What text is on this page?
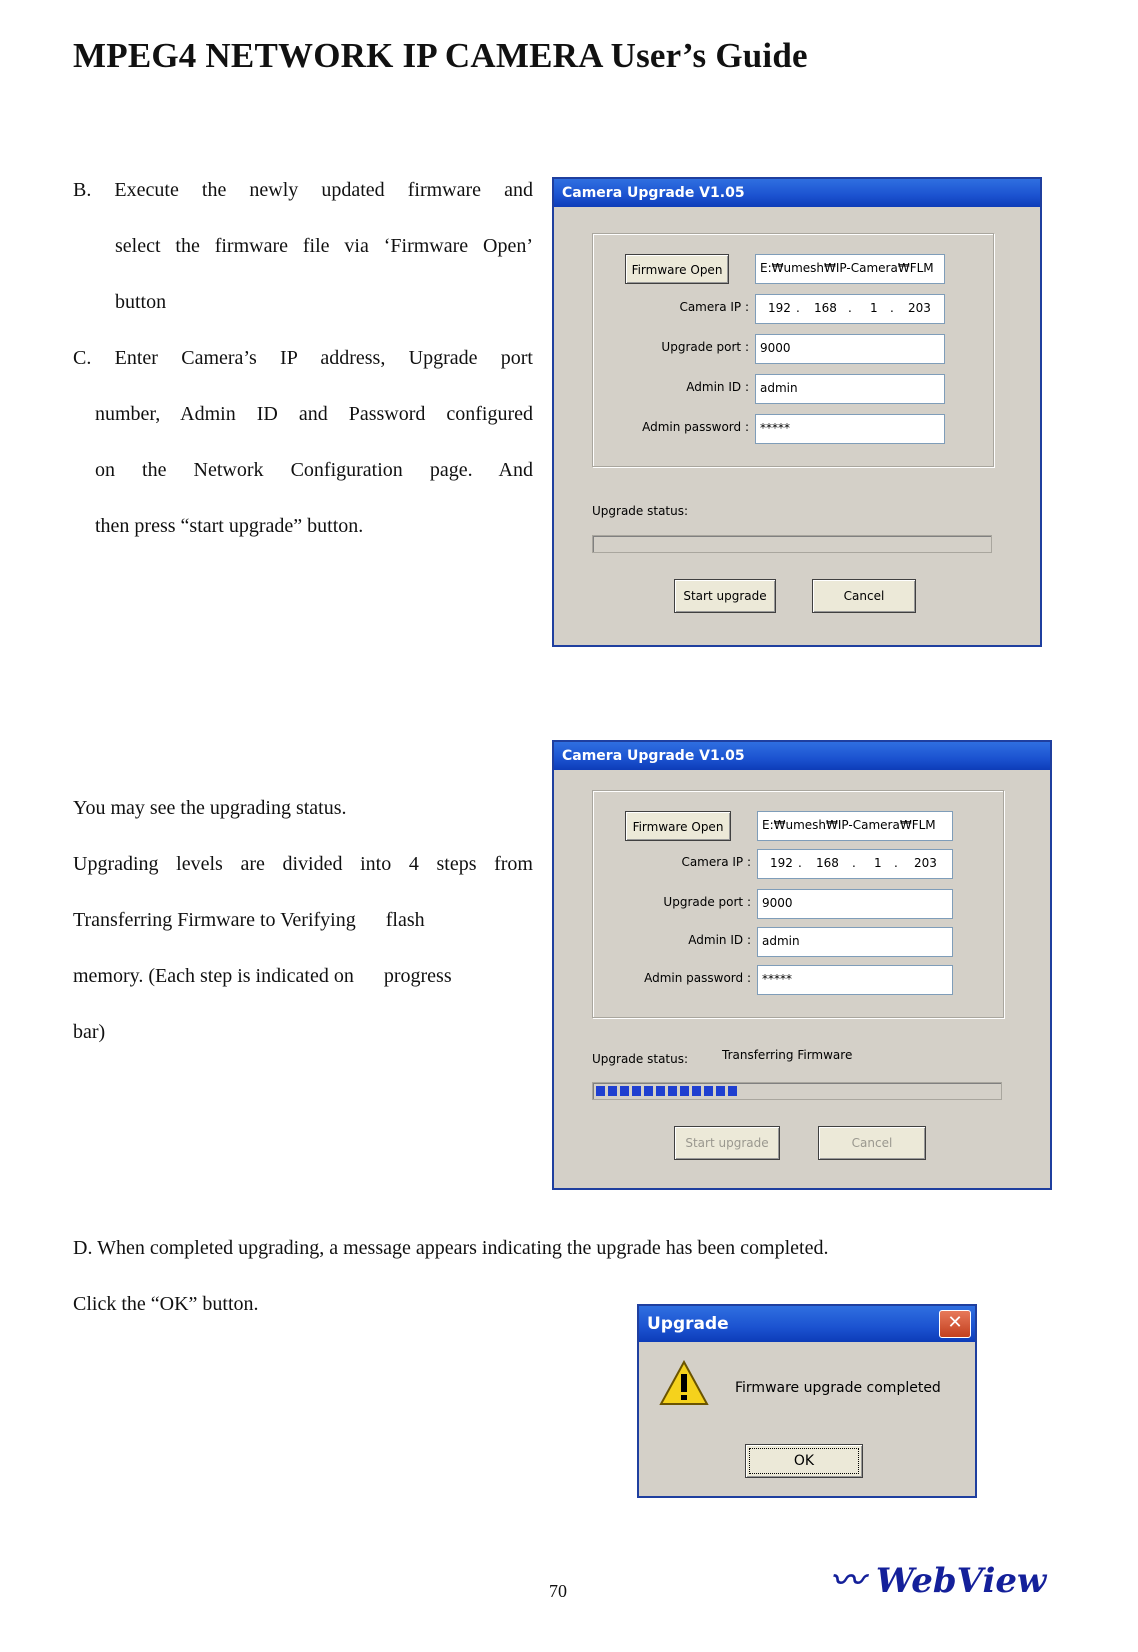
MPEG4 NETWORK IP CAMERA User’s Guide
B. Execute the newly updated firmware and
select the firmware file via ‘Firmware Open’
button
C. Enter Camera’s IP address, Upgrade port
number, Admin ID and Password configured
on the Network Configuration page. And
then press “start upgrade” button.
Camera Upgrade V1.05
Firmware Open	E:₩umesh₩IP-Camera₩FLM
Camera IP : 192 . 168 . 1 . 203
Upgrade port : 9000
Admin ID : admin
Admin password : *****
Upgrade status:
Start upgrade	Cancel
You may see the upgrading status.
Upgrading levels are divided into 4 steps from
Transferring Firmware to Verifying      flash
memory. (Each step is indicated on      progress
bar)
Camera Upgrade V1.05
Firmware Open	E:₩umesh₩IP-Camera₩FLM
Camera IP : 192 . 168 . 1 . 203
Upgrade port : 9000
Admin ID : admin
Admin password : *****
Upgrade status:	Transferring Firmware
Start upgrade	Cancel
D. When completed upgrading, a message appears indicating the upgrade has been completed.
Click the “OK” button.
Upgrade	✕
Firmware upgrade completed
OK
70	〰 WebView
